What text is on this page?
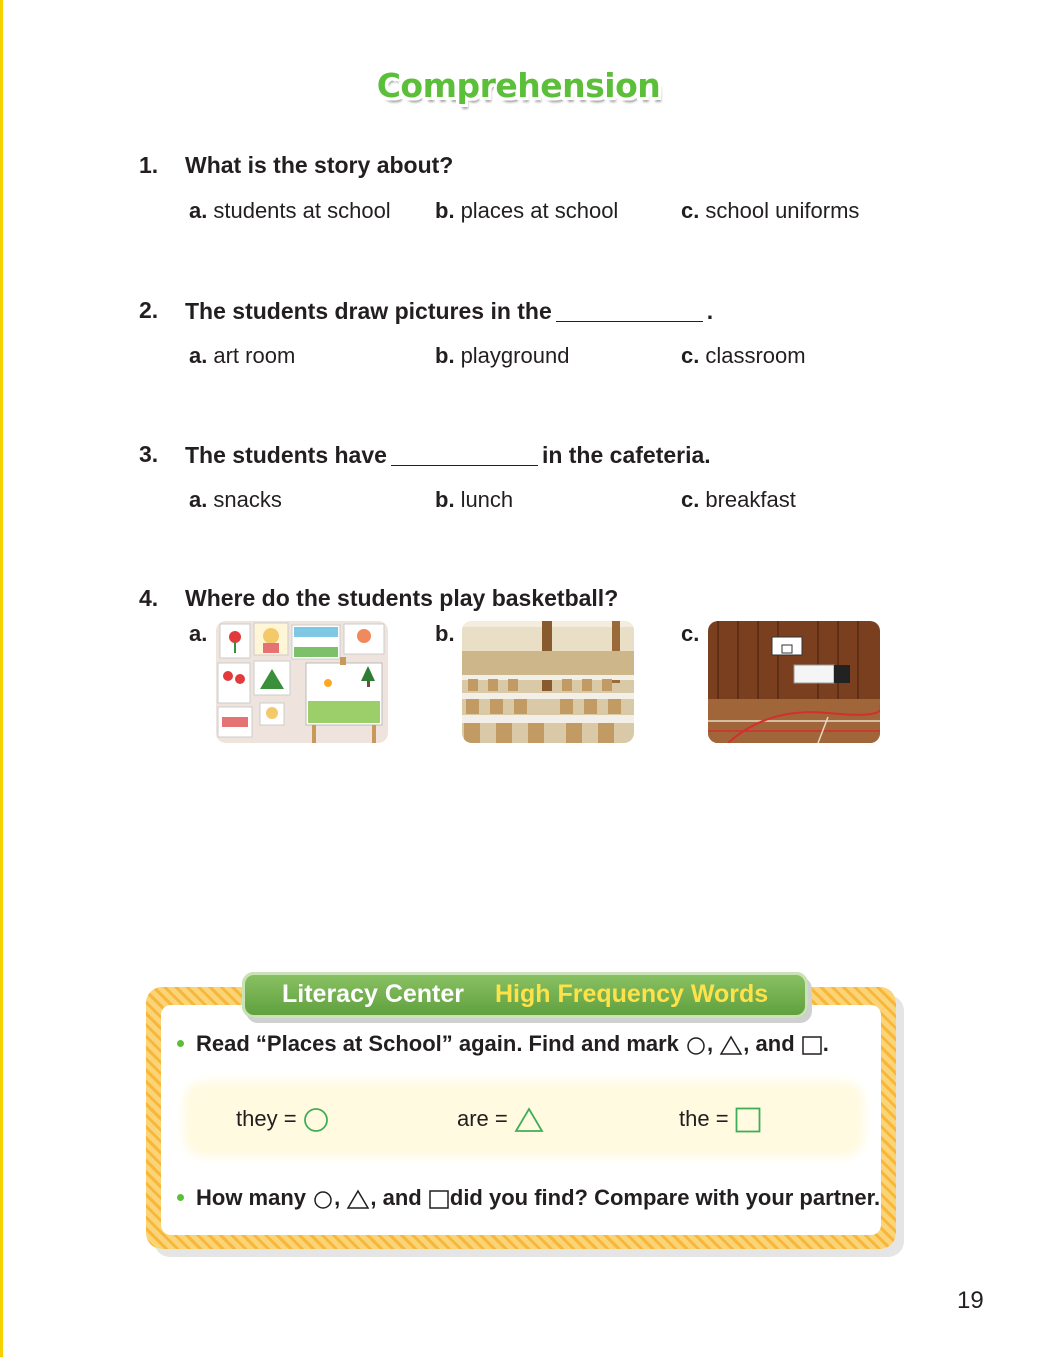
Comprehension
1. What is the story about?
a. students at school b. places at school	c. school uniforms
2. The students draw pictures in the	.
a. art room	b. playground	c. classroom
3. The students have	in the cafeteria.
a. snacks	b. lunch	c. breakfast
4. Where do the students play basketball?
a.	b.	c.
Literacy Center High Frequency Words
Read “Places at School” again. Find and mark , , and .
they =	are =	the =
How many , , and did you find? Compare with your partner.
19
